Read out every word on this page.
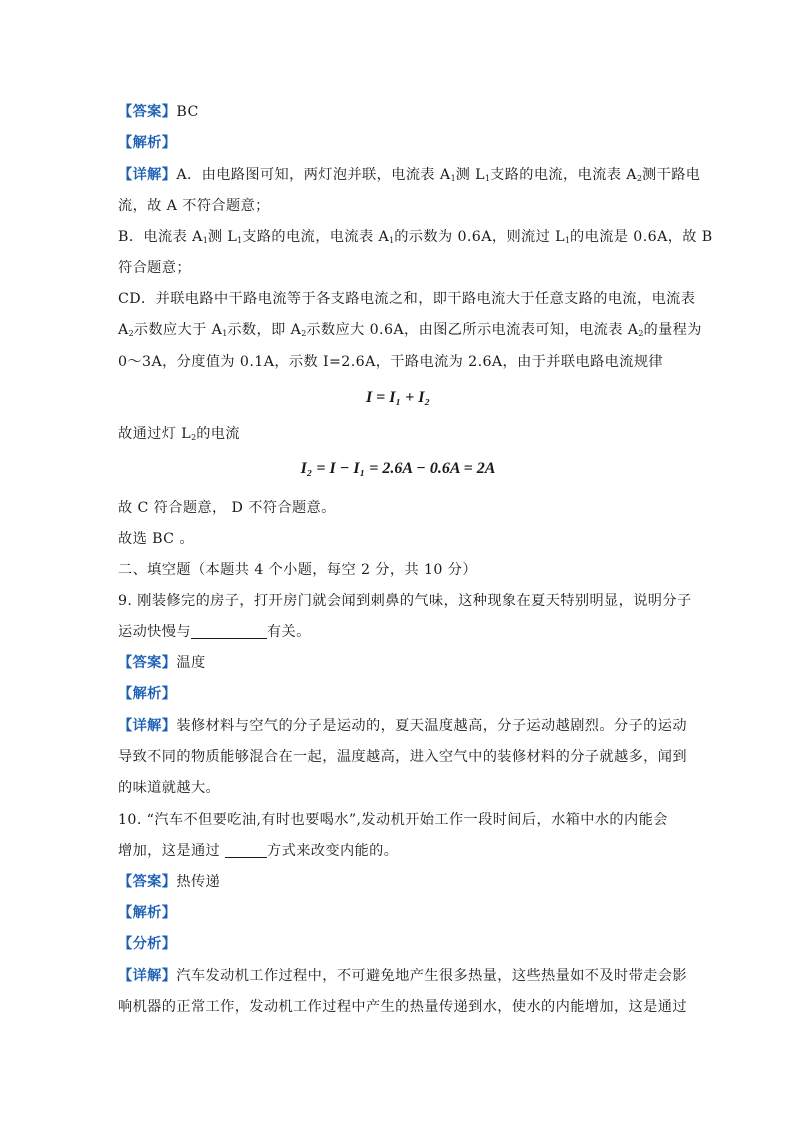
【答案】BC
【解析】
【详解】A．由电路图可知，两灯泡并联，电流表 $A_1$测 $L_1$支路的电流，电流表 $A_2$测干路电
流，故 A 不符合题意；
B．电流表 $A_1$测 $L_1$支路的电流，电流表 $A_1$的示数为 0.6A，则流过 $L_1$的电流是 0.6A，故 B
符合题意；
CD．并联电路中干路电流等于各支路电流之和，即干路电流大于任意支路的电流，电流表
$A_2$示数应大于 $A_1$示数，即 $A_2$示数应大 0.6A，由图乙所示电流表可知，电流表 $A_2$的量程为
0～3A，分度值为 0.1A，示数 I=2.6A，干路电流为 2.6A，由于并联电路电流规律
I = I₁ + I₂
故通过灯 $L_2$的电流
I₂ = I − I₁ = 2.6A − 0.6A = 2A
故 C 符合题意， D 不符合题意。
故选 BC 。
二、填空题（本题共 4 个小题，每空 2 分，共 10 分）
9. 刚装修完的房子，打开房门就会闻到刺鼻的气味，这种现象在夏天特别明显，说明分子
运动快慢与	有关。
【答案】温度
【解析】
【详解】装修材料与空气的分子是运动的，夏天温度越高，分子运动越剧烈。分子的运动
导致不同的物质能够混合在一起，温度越高，进入空气中的装修材料的分子就越多，闻到
的味道就越大。
10. “汽车不但要吃油,有时也要喝水”,发动机开始工作一段时间后，水箱中水的内能会
增加，这是通过	方式来改变内能的。
【答案】热传递
【解析】
【分析】
【详解】汽车发动机工作过程中，不可避免地产生很多热量，这些热量如不及时带走会影
响机器的正常工作，发动机工作过程中产生的热量传递到水，使水的内能增加，这是通过
